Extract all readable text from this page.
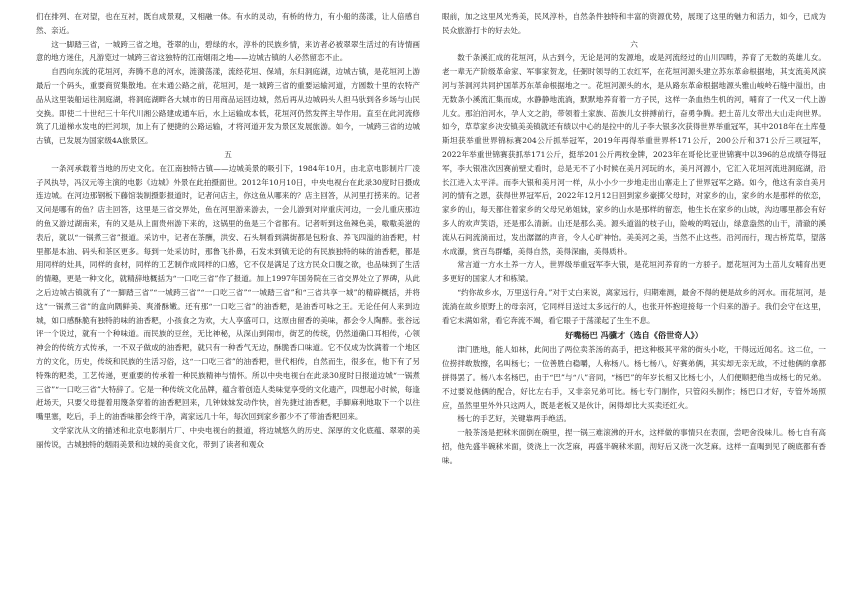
们在排列、在对望，也在互衬，既自成景观，又相融一体。有水的灵动，有桥的侍力，有小船的荡漾，让人倍感自然、亲近。

这一脚踏三省，一城跨三省之地，苍翠的山，碧绿的水，淳朴的民族乡情，来访者必被翠翠生活过的有诗情画意的地方迷住，凡游览过一城跨三省这独特的江南烟雨之地——边城古镇的人必然留恋不止。

自西向东流的花垣河，奔腾不息的河水，涟漪荡漾，流经花垣、保靖，东归洞庭湖，边城古镇，是花垣河上游最后一个码头，重要商贸集散地。在未通公路之前，花垣河，是一城跨三省的重要运输河道，方圆数十里的农特产品从这里装船运往洞庭湖，将洞庭湖畔各大城市的日用商品运回边城，然后再从边城码头人担马驮到各乡场与山民交换。即使二十世纪三十年代川湘公路建成通车后，水上运输成本低，花垣河仍然发挥主导作用。直至在此河流修筑了几道梯水发电的拦河坝，加上有了便捷的公路运输，才将河道开发为景区发展旅游。如今，一城跨三省的边城古镇，已发展为国家级4A旅景区。

五

一条河承载着当地的历史文化。在江南独特古镇——边城美景的吸引下，1984年10月，由北京电影制片厂凌子风执导，冯汉元等主演的电影《边城》外景在此拍摄面世。2012年10月10日，中央电视台在此录30度时日摄成连边城。在河边那钢板下藤馆装制摄影报道时，记者问店主，你这鱼从哪来的？店主回答，从河里打捞来的。记者又问是哪有的鱼？店主回答，这里是三省交界处，鱼在河里游来游去，一会儿游到对岸重庆河边，一会儿重庆那边的鱼又游过湖南来，有的又是从上面贵州游下来的，这锅里的鱼是三个省都有。记者听到这鱼辣色美，嗷嗷美滋的表后，就以“一锅煮三省”报道。采访中，记者在茶酬，洪安、石头垌看到满街都是包粉食、养飞四溢的油香粑，村里都是本油、码头和茶区更多。每到一处采访时，那鲁飞扑鼻，石发未到镇无论的有民族独特的味的油香粑，都是用同样的灶具，同样的食材，同样的工艺制作成同样的口感，它不仅是满足了这方民众口腹之欲，也品味到了生活的情趣，更是一种文化，就精辞地概括为“一口吃三省”作了报道。加上1997年国务院在三省交界处立了界碑，从此之后边城古镇就有了“一脚踏三省”“一城跨三省”“一口吃三省”“一城踏三省”和“三省共享一城”的精辟概括，并将这“一锅煮三省”的盒向隅鲜美、爽滑酥嫩。还有那“一口吃三省”的油香粑，是油香可咏之王。无论任何人来到边城，如口感酥脆有独特韵味的油香粑，小孩食之为欢，大人享盛可口，这原由留香的美味，都会令人陶醉。张谷远评一个说过，就有一个种味道。而民族的豆丝，无比神秘，从深山到闹市，街艺的传统，仍然道确口耳相传，心领神会的传统方式传承，一不双子做成的油香粑，就只有一种香气无边，酥脆香口味道。它不仅成为饮满着一个地区方的文化，历史，传统和民族的生活习俗，这“一口吃三省”的油香粑，世代相传，自然而生，很多在，他下有了另特殊的粑类，工艺传递，更重要的传承着一种民族精神与情怀。所以中央电视台在此录30度时日报道边城“一锅煮三省”“一口吃三省”大特辞了。它是一种传统文化品牌，蕴含着创造人类味觉享受的文化遗产，四想起小时候，每逢赶场天，只要父母提着用篾条穿着的油香粑回来，几钟妹妹发动作快，首先捷过油香粑，手脚麻利地取下一个以往嘴里塞，吃后，手上的油香味都会终干净，离家远几十年，每次回到家乡都少不了带油香粑回来。

文学家沈从文的描述和北京电影制片厂、中央电视台的报道，将边城悠久的历史、深厚的文化底蕴、翠翠的美丽传说，古城独特的烟雨美景和边城的美食文化，带到了读者和观众

眼前，加之这里风光秀美，民风淳朴，自然条件独特和丰富的资源优势，展现了这里的魅力和活力，如今，已成为民众旅游打卡的好去处。

六

数千条溪汇成的花垣河，从古到今，无论是河的发源地，或是河流经过的山川四畴，养育了无数的英雄儿女。老一辈无产阶级革命家、军事家贺龙，任弼时领导的工农红军，在花垣河源头建立苏东革命根据地，其支流美风滨河与茶洞河共同护国革苏东革命根据地之一。花垣河源头的水，是从路东革命根据地源头雅山峻岭石缝中溢出，由无数条小溪流汇集而成，水静静地流淌，默默地养育着一方子民，这样一条血热生机的河，哺育了一代又一代上游儿女。那泊泊河水，孕人文之韵，带领着土家族、苗族儿女拼搏前行，奋勇争腾。把土苗儿女带出大山走向世界。如今，草草家乡决安镇美美镇就还有绩以中心的是拉中的儿子李大银多次获得世界举重冠军，其中2018年在土库曼斯坦获举重世界锦标赛204公斤抓举冠军，2019年再得举重世界杯171公斤，200公斤和371公斤三项冠军，2022年举重世锦赛获抓举171公斤，挺举201公斤两枚金牌，2023年在哥伦比亚世锦赛中以396的总成绩夺得冠军，李大银准次因赛前壁丈看时，总是无不了小时候在美月河玩的水，美月河源小，它汇入花垣河流进洞庭湖，沿长江进入太平洋。而李大银和美月河一样，从小小少一步地走出山寨走上了世界冠军之路。如今，他这有亲自美月河的情有之恩，获得世界冠军后，2022年12月12日回到家乡豪掷父母时，对家乡的山，家乡的水是那样的依恋，家乡的山，每天都住着家乡的父母兄弟姐妹，家乡的山水是那样的留恋，他生长在家乡的山坡，沟边哪里都会有好多人的欢声笑语，还是那么清新。山还是那么美。源头道溢的枝子山，险峻的鸣冠山，绿意盎然的山干，清澈的溪流从石间流淌而过，发出潺潺的声音，令人心旷神怡。美美河之美，当然不止这些。沿河而行，现古桥荒草，望落水成瀑，赏百鸟群蟠，美得自然，美得深幽，美得质朴。

常言道一方水土养一方人，世界级举重冠军李大银，是花垣河养育的一方骄子。愿花垣河为土苗儿女哺育出更多更好的国家人才和栋梁。

“约你故乡水，万里送行舟。”对于丈白来说，离家远行，归期难测，最舍不得的便是故乡的河水。而花垣河，是流淌在故乡原野上的母亲河，它同样目送过太多远行的人，也张开怀抱迎接每一个归来的游子。我们会守在这里，看它未满如常，看它奔流不竭，看它眼子于荡漾起了生生不息。

好嘴杨巴 冯骥才（选自《俗世奇人》）

津门胜地，能人如林，此间出了两位卖茶汤的高手，把这种极其平常的街头小吃，干得远近闻名。这二位，一位捞拌敢敖擦，名叫杨七；一位善胜白稳嚼，人称杨八。杨七杨八，好赛弟俩，其实却无亲无故，不过他俩的拿都拼得罢了。杨八本名杨巴，由于“巴”与“八”音同，“杨巴”的年岁长相又比杨七小，人们便顺把他当成杨七的兄弟。不过要说他俩的配合，好比左右手，又非亲兄弟可比。杨七专门制作，只管闷头制作；杨巴口才好，专管外场照应，虽然里里外外只这两人，既是老板又是伙计，闲得却比大买卖还红火。

杨七的手艺好，关键靠两手绝活。

一般茶汤是把秫米面倒在碗里，捏一锅三难滚沸的开水，这样做的事情只在表面，尝吧舍没味儿。杨七自有高招，他先盛半碗秫米面，烫浇上一次芝麻，再盛半碗秫米面，沏好后又浇一次芝麻。这样一直喝到见了碗底都有香味。
